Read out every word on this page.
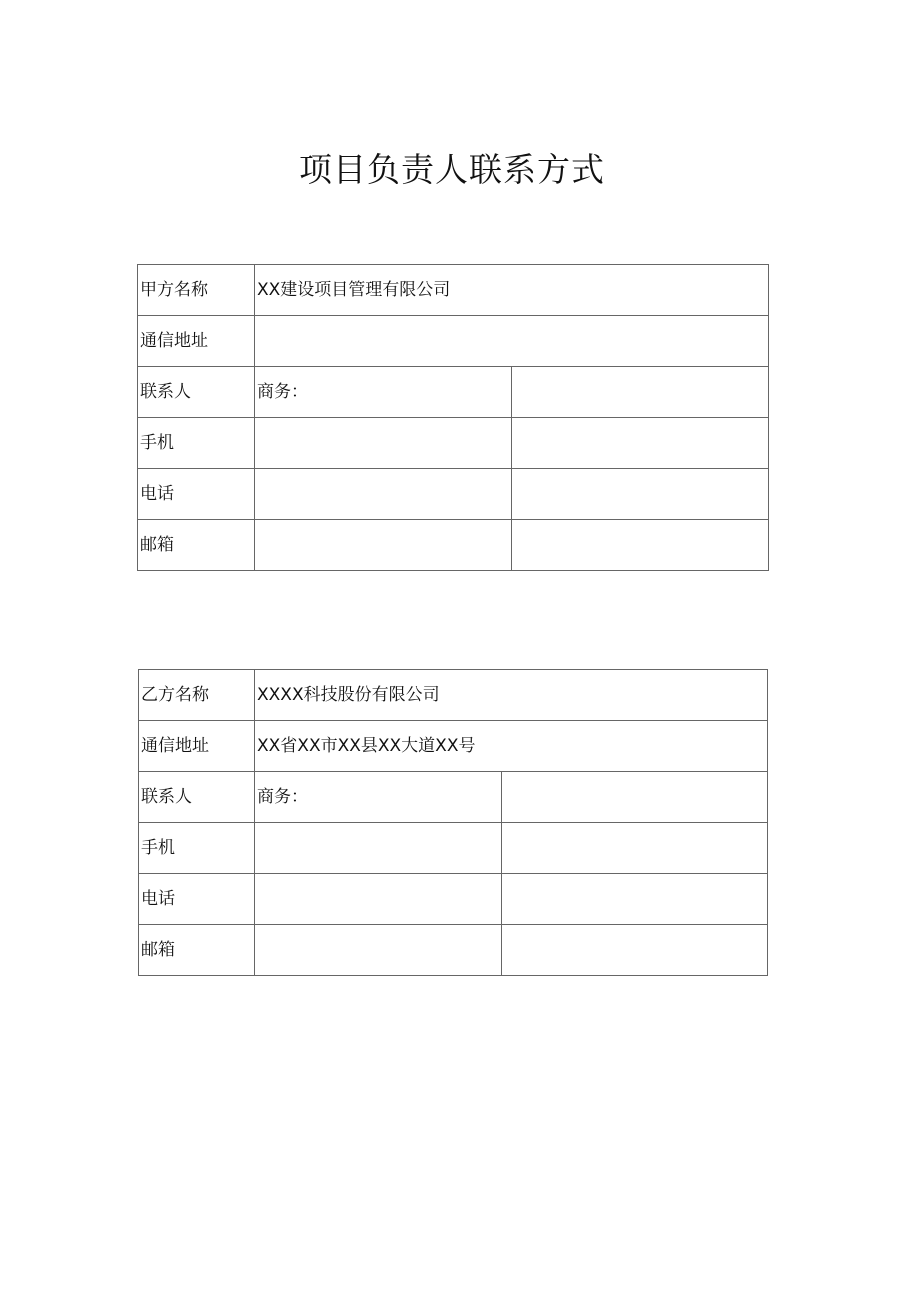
项目负责人联系方式
甲方名称	XX建设项目管理有限公司	
通信地址		
联系人	商务：	
手机		
电话		
邮箱		
乙方名称	XXXX科技股份有限公司	
通信地址	XX省XX市XX县XX大道XX号	
联系人	商务：	
手机		
电话		
邮箱		
